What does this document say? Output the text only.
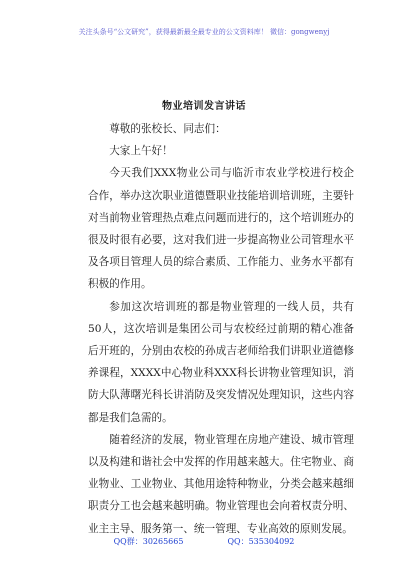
关注头条号“公文研究”，获得最新最全最专业的公文资料库！ 微信：gongwenyj
物业培训发言讲话

尊敬的张校长、同志们：

大家上午好！

今天我们XXX物业公司与临沂市农业学校进行校企合作，举办这次职业道德暨职业技能培训培训班，主要针对当前物业管理热点难点问题而进行的，这个培训班办的很及时很有必要，这对我们进一步提高物业公司管理水平及各项目管理人员的综合素质、工作能力、业务水平都有积极的作用。

参加这次培训班的都是物业管理的一线人员，共有50人，这次培训是集团公司与农校经过前期的精心准备后开班的，分别由农校的孙成吉老师给我们讲职业道德修养课程，XXXX中心物业科XXX科长讲物业管理知识，消防大队薄曙光科长讲消防及突发情况处理知识，这些内容都是我们急需的。

随着经济的发展，物业管理在房地产建设、城市管理以及构建和谐社会中发挥的作用越来越大。住宅物业、商业物业、工业物业、其他用途特种物业，分类会越来越细职责分工也会越来越明确。物业管理也会向着权责分明、业主主导、服务第一、统一管理、专业高效的原则发展。

QQ群：30265665	QQ：535304092
